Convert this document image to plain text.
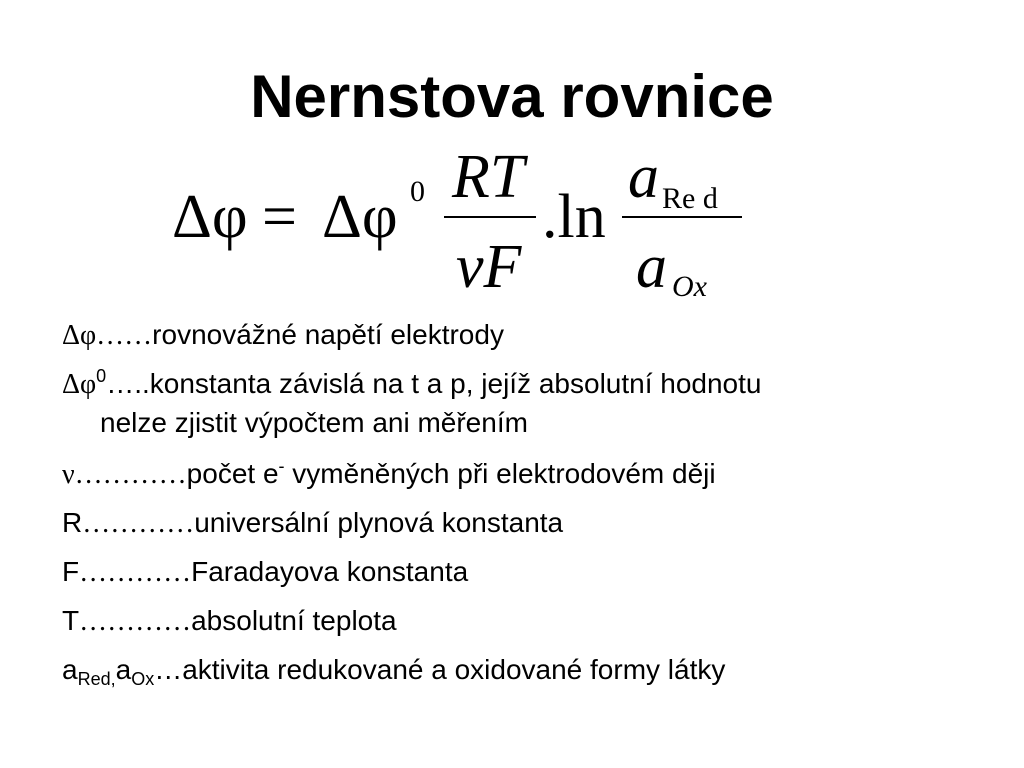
Nernstova rovnice
Δφ = Δφ 0 RT
νF
.ln
a Re d
a Ox
Δφ……rovnovážné napětí elektrody
$\Delta\varphi^0\dots..konstanta$ závislá na t a p, jejíž absolutní hodnotu
nelze zjistit výpočtem ani měřením
ν…………počet e- vyměněných při elektrodovém ději
R…………universální plynová konstanta
F…………Faradayova konstanta
T…………absolutní teplota
$a_{Red,}a_{Ox}\dots aktivita$ redukované a oxidované formy látky
